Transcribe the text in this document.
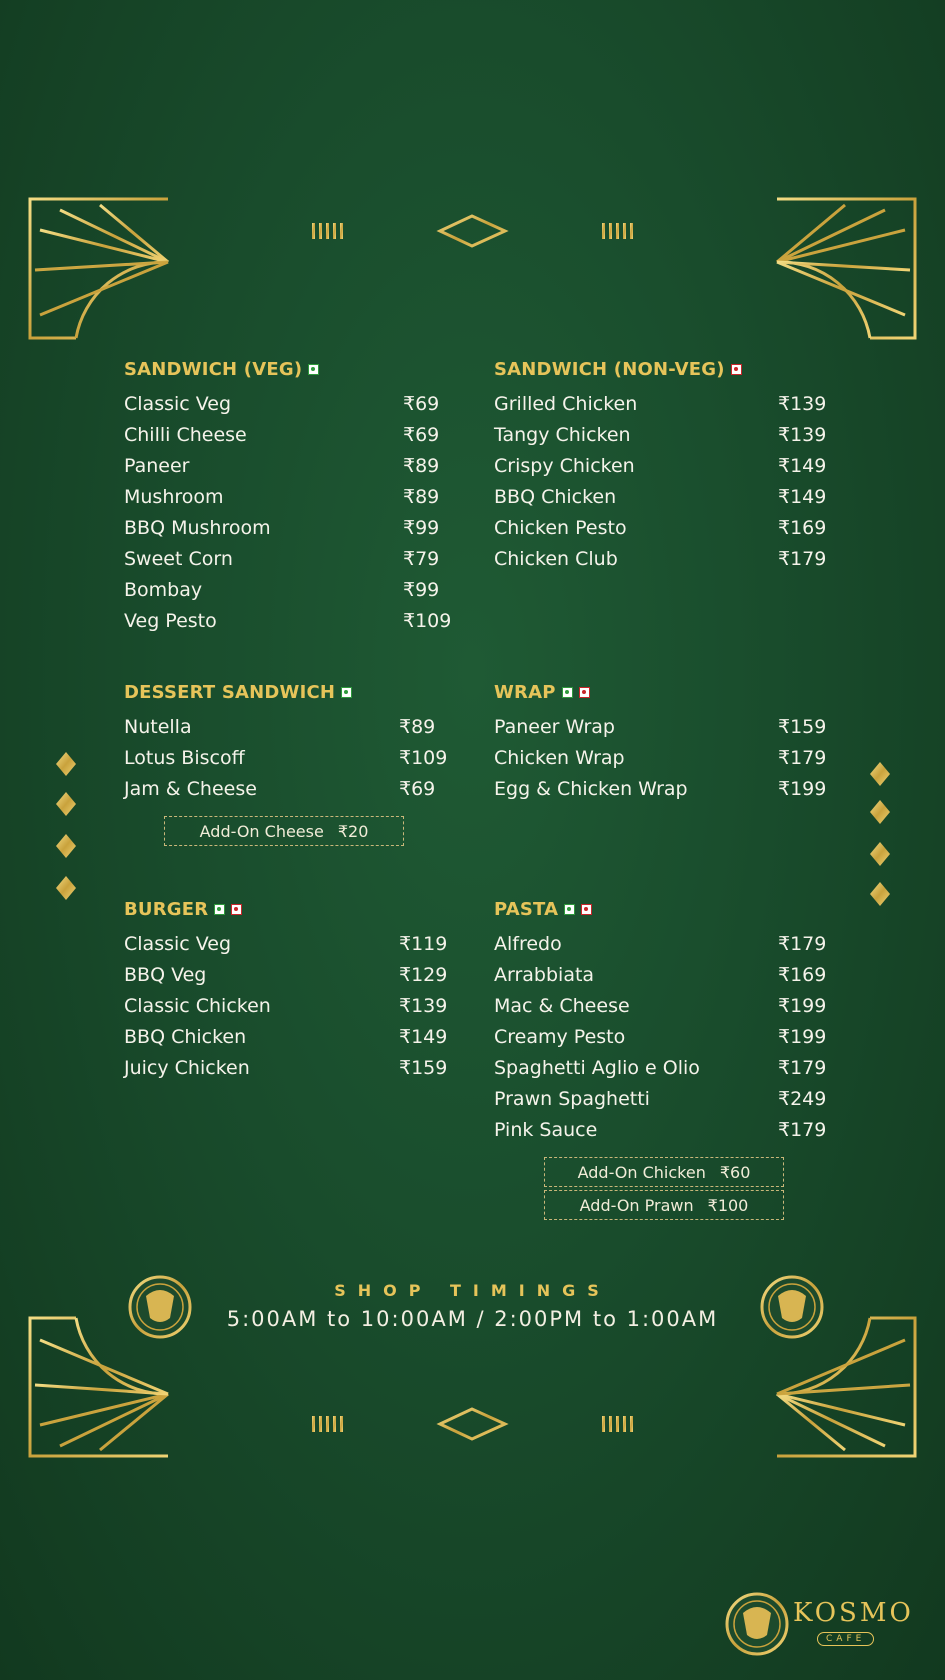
SANDWICH (VEG)
Classic Veg	₹69
Chilli Cheese	₹69
Paneer	₹89
Mushroom	₹89
BBQ Mushroom	₹99
Sweet Corn	₹79
Bombay	₹99
Veg Pesto	₹109
SANDWICH (NON-VEG)
Grilled Chicken	₹139
Tangy Chicken	₹139
Crispy Chicken	₹149
BBQ Chicken	₹149
Chicken Pesto	₹169
Chicken Club	₹179
DESSERT SANDWICH
Nutella	₹89
Lotus Biscoff	₹109
Jam & Cheese	₹69
Add-On Cheese ₹20
WRAP
Paneer Wrap	₹159
Chicken Wrap	₹179
Egg & Chicken Wrap	₹199
BURGER
Classic Veg	₹119
BBQ Veg	₹129
Classic Chicken	₹139
BBQ Chicken	₹149
Juicy Chicken	₹159
PASTA
Alfredo	₹179
Arrabbiata	₹169
Mac & Cheese	₹199
Creamy Pesto	₹199
Spaghetti Aglio e Olio	₹179
Prawn Spaghetti	₹249
Pink Sauce	₹179
Add-On Chicken ₹60
Add-On Prawn ₹100
SHOP TIMINGS
5:00AM to 10:00AM / 2:00PM to 1:00AM
KOSMO
CAFE
